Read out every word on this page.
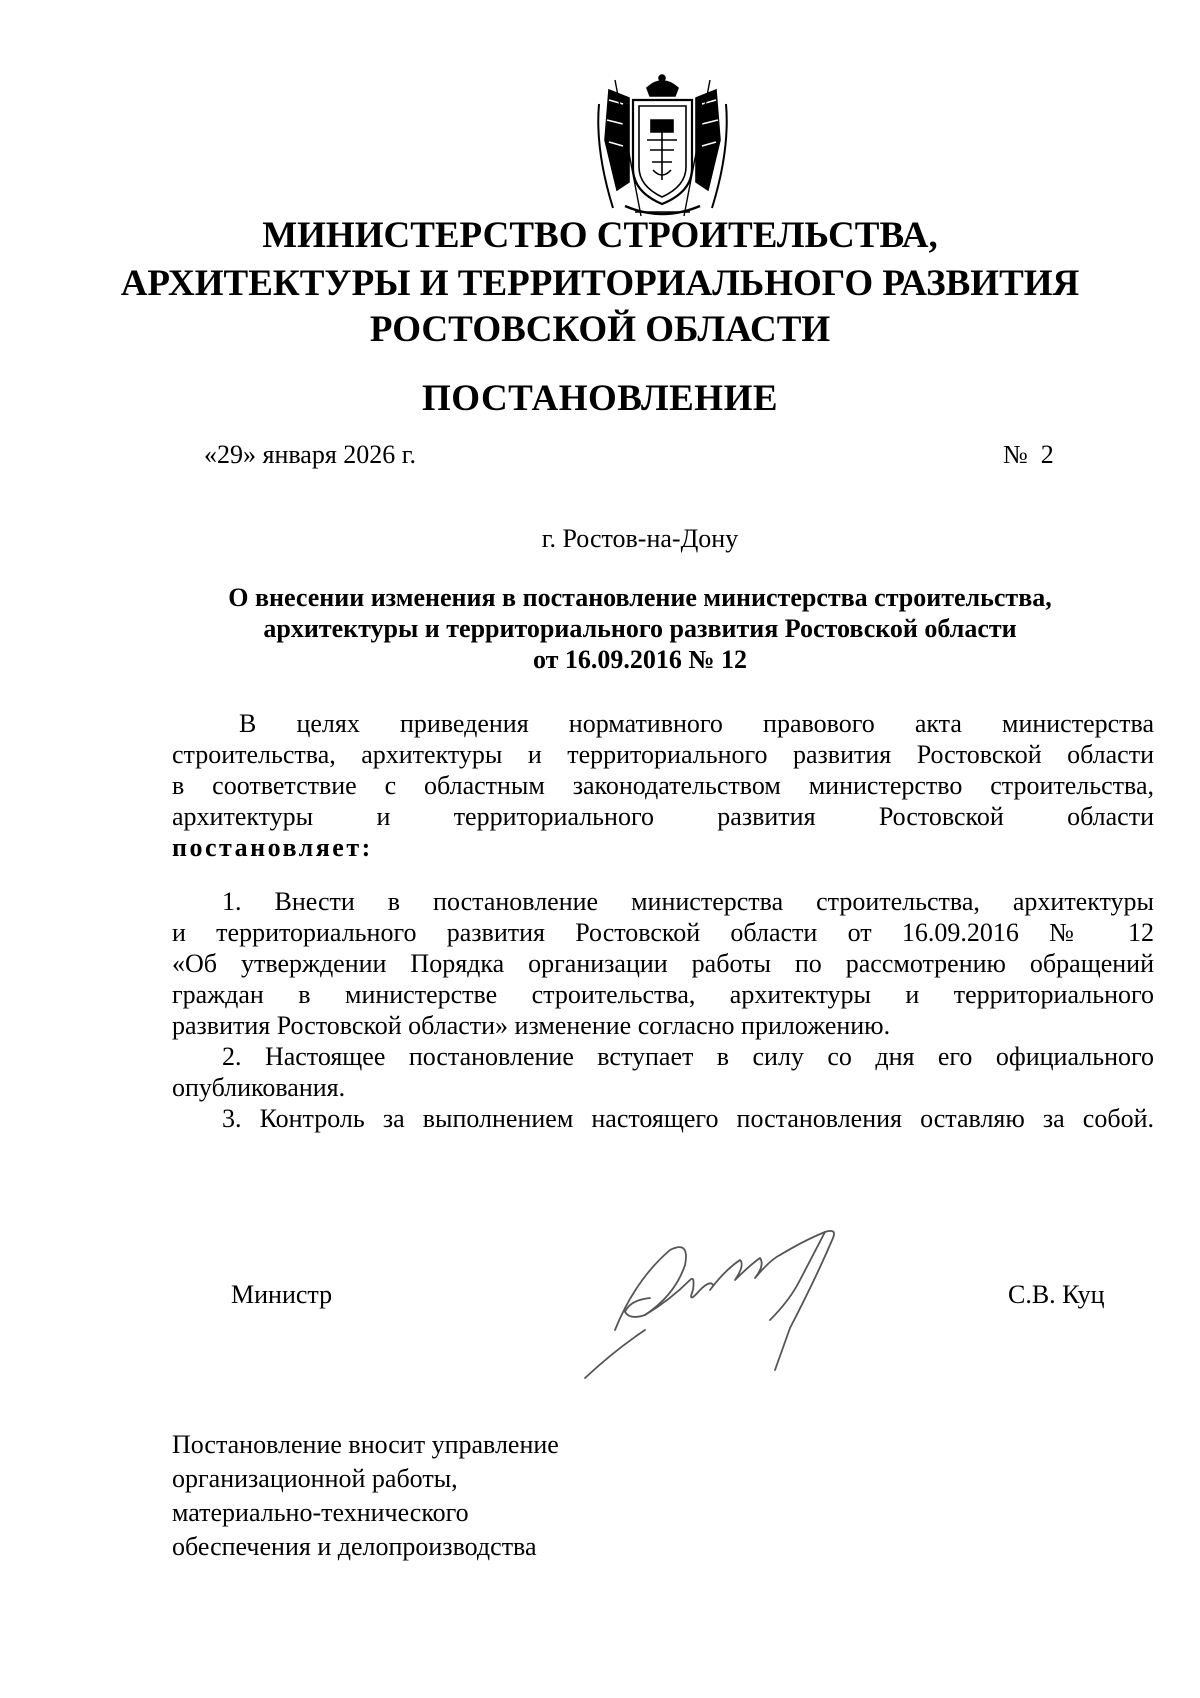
МИНИСТЕРСТВО СТРОИТЕЛЬСТВА,

АРХИТЕКТУРЫ И ТЕРРИТОРИАЛЬНОГО РАЗВИТИЯ

РОСТОВСКОЙ ОБЛАСТИ

ПОСТАНОВЛЕНИЕ

«29» января 2026 г.	№  2
г. Ростов-на-Дону

О внесении изменения в постановление министерства строительства,

архитектуры и территориального развития Ростовской области

от 16.09.2016 № 12

В целях приведения нормативного правового акта министерства

строительства, архитектуры и территориального развития Ростовской области

в соответствие с областным законодательством министерство строительства,

архитектуры и территориального развития Ростовской области

постановляет:

1. Внести в постановление министерства строительства, архитектуры

и территориального развития Ростовской области от 16.09.2016 № 12

«Об утверждении Порядка организации работы по рассмотрению обращений

граждан в министерстве строительства, архитектуры и территориального

развития Ростовской области» изменение согласно приложению.

2. Настоящее постановление вступает в силу со дня его официального

опубликования.

3. Контроль за выполнением настоящего постановления оставляю за собой.

Министр	С.В. Куц

Постановление вносит управление

организационной работы,

материально-технического

обеспечения и делопроизводства
